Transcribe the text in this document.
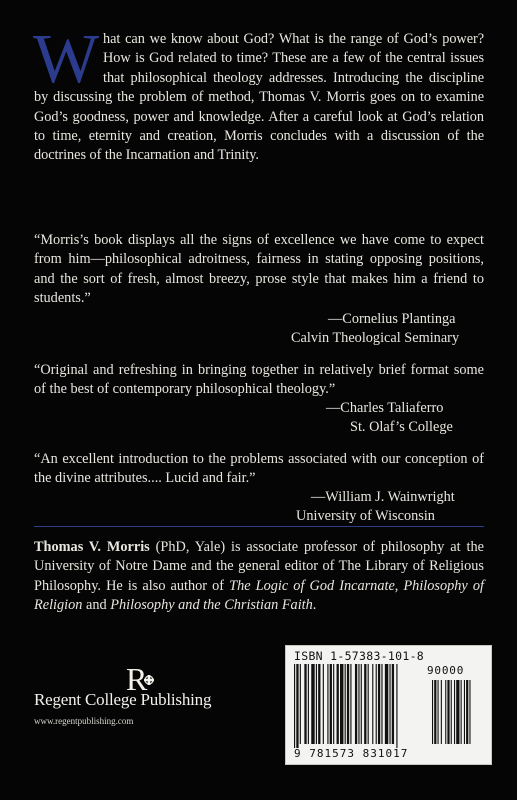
What can we know about God? What is the range of God’s power? How is God related to time? These are a few of the central issues that philosophical theology addresses. Introducing the discipline by discussing the problem of method, Thomas V. Morris goes on to examine God’s goodness, power and knowledge. After a careful look at God’s relation to time, eternity and creation, Morris concludes with a discussion of the doctrines of the Incarnation and Trinity.
“Morris’s book displays all the signs of excellence we have come to expect from him—philosophical adroitness, fairness in stating opposing positions, and the sort of fresh, almost breezy, prose style that makes him a friend to students.”
—Cornelius Plantinga
Calvin Theological Seminary
“Original and refreshing in bringing together in relatively brief format some of the best of contemporary philosophical theology.”
—Charles Taliaferro
St. Olaf’s College
“An excellent introduction to the problems associated with our conception of the divine attributes.... Lucid and fair.”
—William J. Wainwright
University of Wisconsin
Thomas V. Morris (PhD, Yale) is associate professor of philosophy at the University of Notre Dame and the general editor of The Library of Religious Philosophy. He is also author of The Logic of God Incarnate, Philosophy of Religion and Philosophy and the Christian Faith.
R
Regent College Publishing
www.regentpublishing.com
ISBN 1-57383-101-8
90000
9 781573 831017
